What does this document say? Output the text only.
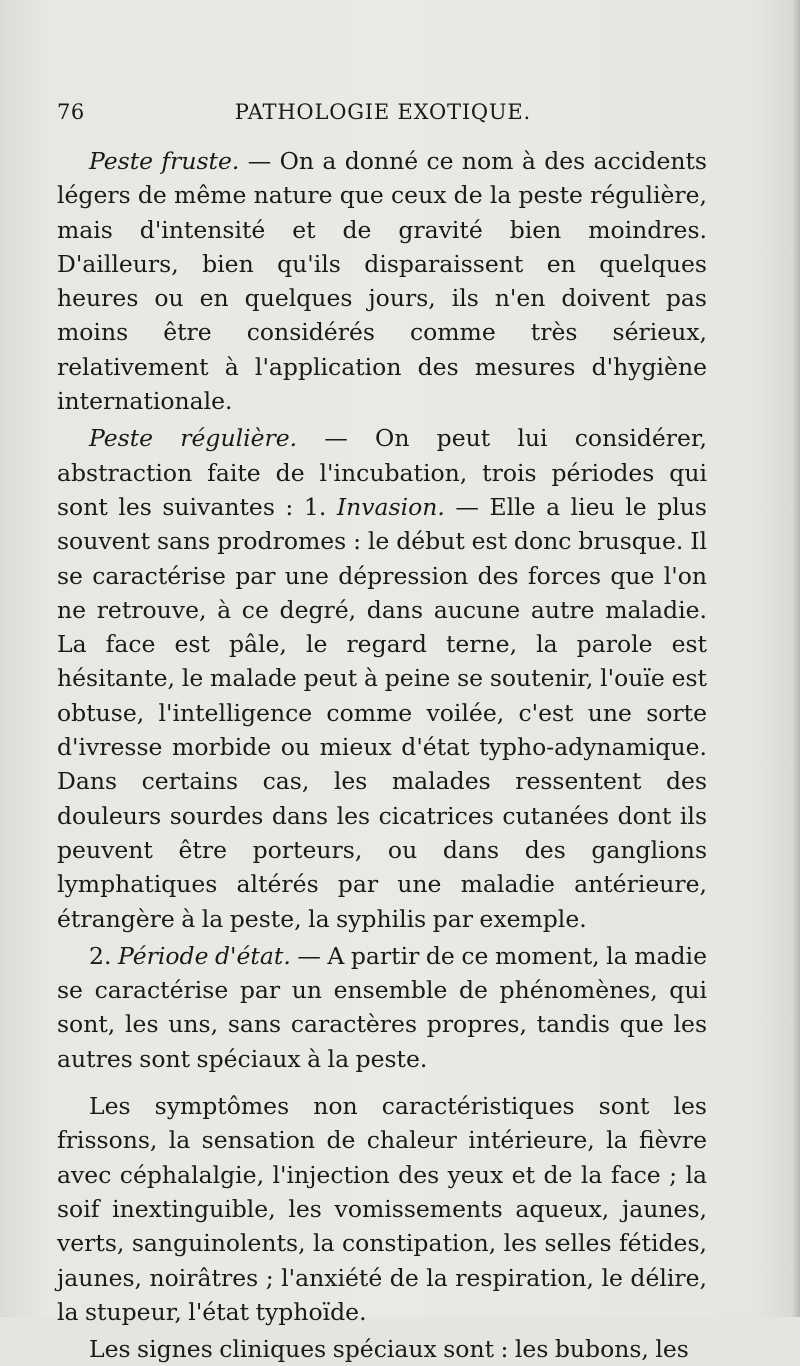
76	PATHOLOGIE EXOTIQUE.

Peste fruste. — On a donné ce nom à des accidents légers de même nature que ceux de la peste régulière, mais d'intensité et de gravité bien moindres. D'ailleurs, bien qu'ils disparaissent en quelques heures ou en quelques jours, ils n'en doivent pas moins être considérés comme très sérieux, relativement à l'application des mesures d'hygiène internationale.

Peste régulière. — On peut lui considérer, abstraction faite de l'incubation, trois périodes qui sont les suivantes : 1. Invasion. — Elle a lieu le plus souvent sans prodromes : le début est donc brusque. Il se caractérise par une dépression des forces que l'on ne retrouve, à ce degré, dans aucune autre maladie. La face est pâle, le regard terne, la parole est hésitante, le malade peut à peine se soutenir, l'ouïe est obtuse, l'intelligence comme voilée, c'est une sorte d'ivresse morbide ou mieux d'état typho-adynamique. Dans certains cas, les malades ressentent des douleurs sourdes dans les cicatrices cutanées dont ils peuvent être porteurs, ou dans des ganglions lymphatiques altérés par une maladie antérieure, étrangère à la peste, la syphilis par exemple.

2. Période d'état. — A partir de ce moment, la madie se caractérise par un ensemble de phénomènes, qui sont, les uns, sans caractères propres, tandis que les autres sont spéciaux à la peste.

Les symptômes non caractéristiques sont les frissons, la sensation de chaleur intérieure, la fièvre avec céphalalgie, l'injection des yeux et de la face ; la soif inextinguible, les vomissements aqueux, jaunes, verts, sanguinolents, la constipation, les selles fétides, jaunes, noirâtres ; l'anxiété de la respiration, le délire, la stupeur, l'état typhoïde.

Les signes cliniques spéciaux sont : les bubons, les
